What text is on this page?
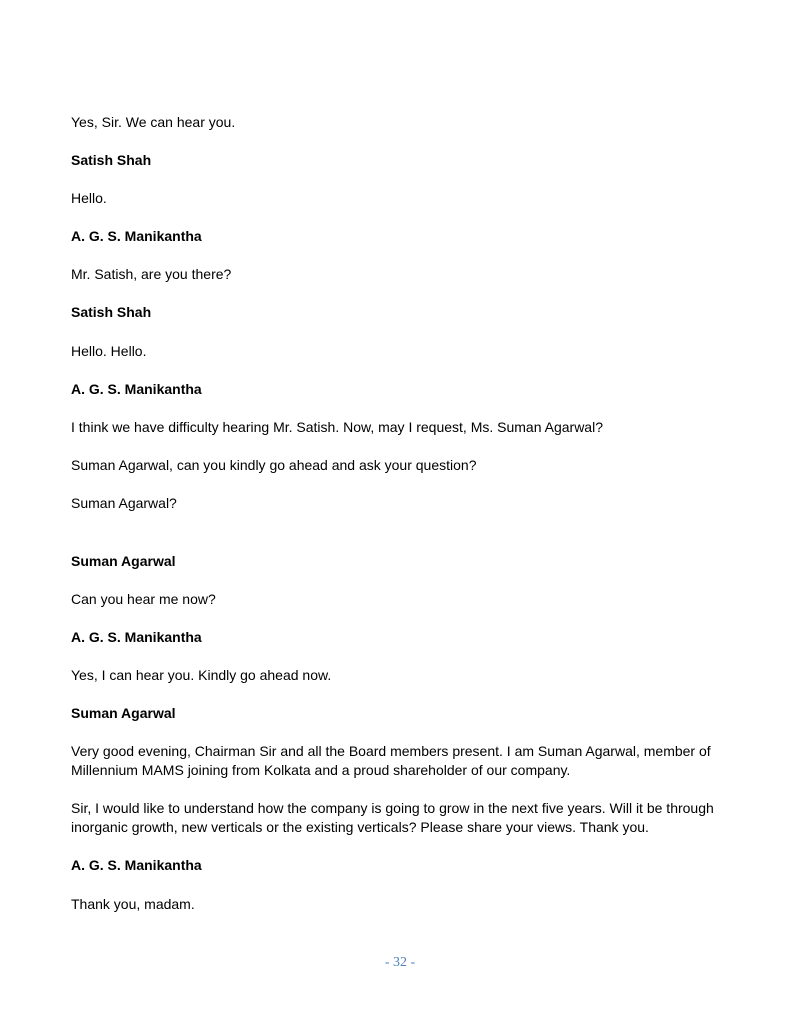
Yes, Sir. We can hear you.

Satish Shah

Hello.

A. G. S. Manikantha

Mr. Satish, are you there?

Satish Shah

Hello. Hello.

A. G. S. Manikantha

I think we have difficulty hearing Mr. Satish. Now, may I request, Ms. Suman Agarwal?

Suman Agarwal, can you kindly go ahead and ask your question?

Suman Agarwal?

Suman Agarwal

Can you hear me now?

A. G. S. Manikantha

Yes, I can hear you. Kindly go ahead now.

Suman Agarwal

Very good evening, Chairman Sir and all the Board members present. I am Suman Agarwal, member of Millennium MAMS joining from Kolkata and a proud shareholder of our company.

Sir, I would like to understand how the company is going to grow in the next five years. Will it be through inorganic growth, new verticals or the existing verticals? Please share your views. Thank you.

A. G. S. Manikantha

Thank you, madam.

- 32 -
